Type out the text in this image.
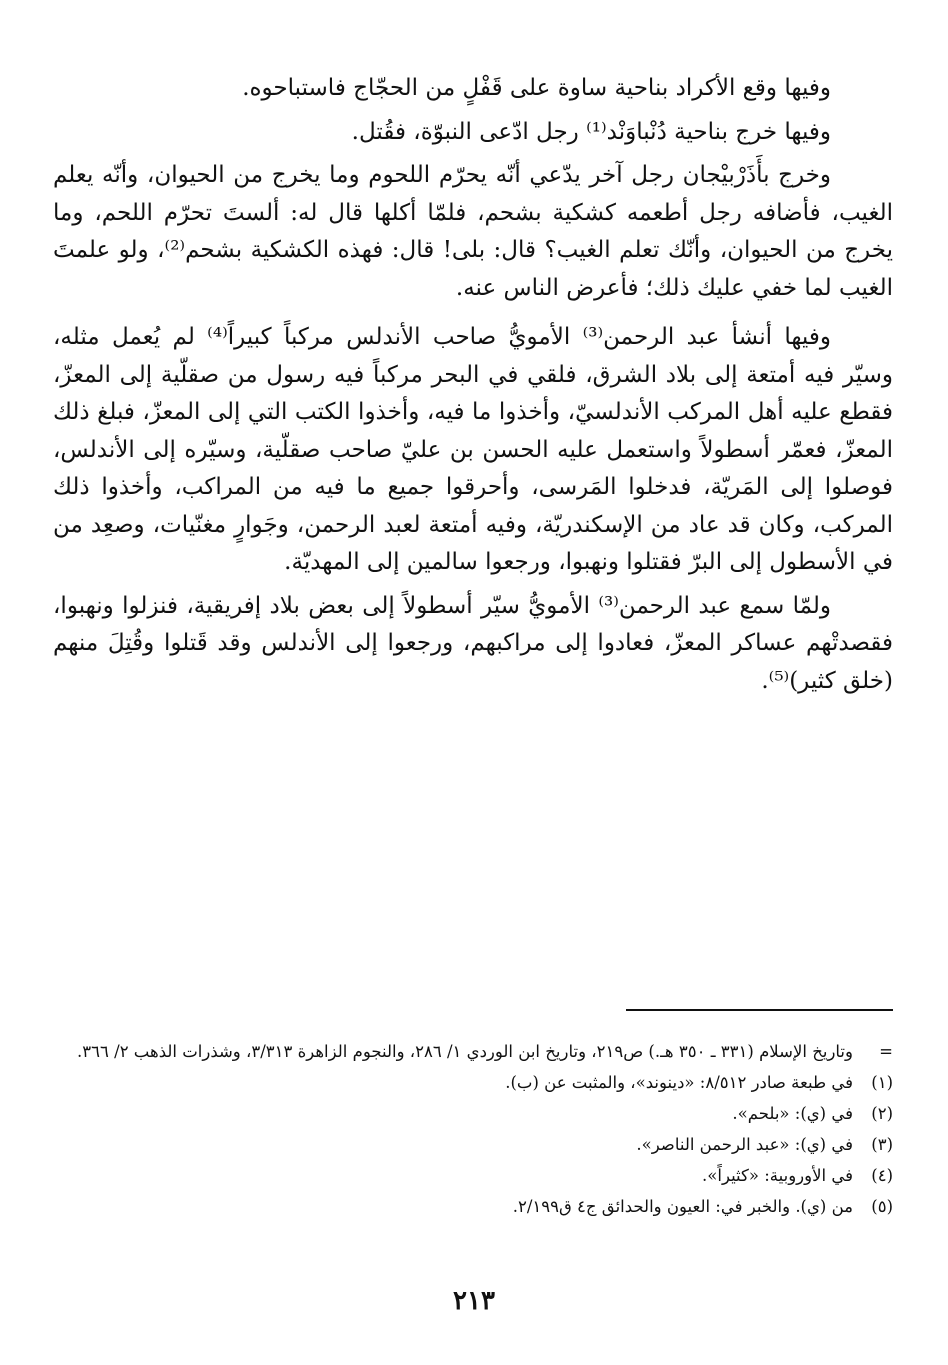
وفيها وقع الأكراد بناحية ساوة على قَفْلٍ من الحجّاج فاستباحوه.

وفيها خرج بناحية دُنْباوَنْد⁽¹⁾ رجل ادّعى النبوّة، فقُتل.

وخرج بأَذَرْبيْجان رجل آخر يدّعي أنّه يحرّم اللحوم وما يخرج من الحيوان، وأنّه يعلم الغيب، فأضافه رجل أطعمه كشكية بشحم، فلمّا أكلها قال له: ألستَ تحرّم اللحم، وما يخرج من الحيوان، وأنّك تعلم الغيب؟ قال: بلى! قال: فهذه الكشكية بشحم⁽²⁾، ولو علمتَ الغيب لما خفي عليك ذلك؛ فأعرض الناس عنه.

وفيها أنشأ عبد الرحمن⁽³⁾ الأمويُّ صاحب الأندلس مركباً كبيراً⁽⁴⁾ لم يُعمل مثله، وسيّر فيه أمتعة إلى بلاد الشرق، فلقي في البحر مركباً فيه رسول من صقلّية إلى المعزّ، فقطع عليه أهل المركب الأندلسيّ، وأخذوا ما فيه، وأخذوا الكتب التي إلى المعزّ، فبلغ ذلك المعزّ، فعمّر أسطولاً واستعمل عليه الحسن بن عليّ صاحب صقلّية، وسيّره إلى الأندلس، فوصلوا إلى المَريّة، فدخلوا المَرسى، وأحرقوا جميع ما فيه من المراكب، وأخذوا ذلك المركب، وكان قد عاد من الإسكندريّة، وفيه أمتعة لعبد الرحمن، وجَوارٍ مغنّيات، وصعِد من في الأسطول إلى البرّ فقتلوا ونهبوا، ورجعوا سالمين إلى المهديّة.

ولمّا سمع عبد الرحمن⁽³⁾ الأمويُّ سيّر أسطولاً إلى بعض بلاد إفريقية، فنزلوا ونهبوا، فقصدتْهم عساكر المعزّ، فعادوا إلى مراكبهم، ورجعوا إلى الأندلس وقد قَتلوا وقُتِلَ منهم (خلق كثير)⁽⁵⁾.

=
وتاريخ الإسلام (٣٣١ ـ ٣٥٠ هـ.) ص٢١٩، وتاريخ ابن الوردي ١/ ٢٨٦، والنجوم الزاهرة ٣/٣١٣، وشذرات الذهب ٢/ ٣٦٦.
(١)
في طبعة صادر ٨/٥١٢: «دينوند»، والمثبت عن (ب).
(٢)
في (ي): «بلحم».
(٣)
في (ي): «عبد الرحمن الناصر».
(٤)
في الأوروبية: «كثيراً».
(٥)
من (ي). والخبر في: العيون والحدائق ج٤ ق٢/١٩٩.
٢١٣
